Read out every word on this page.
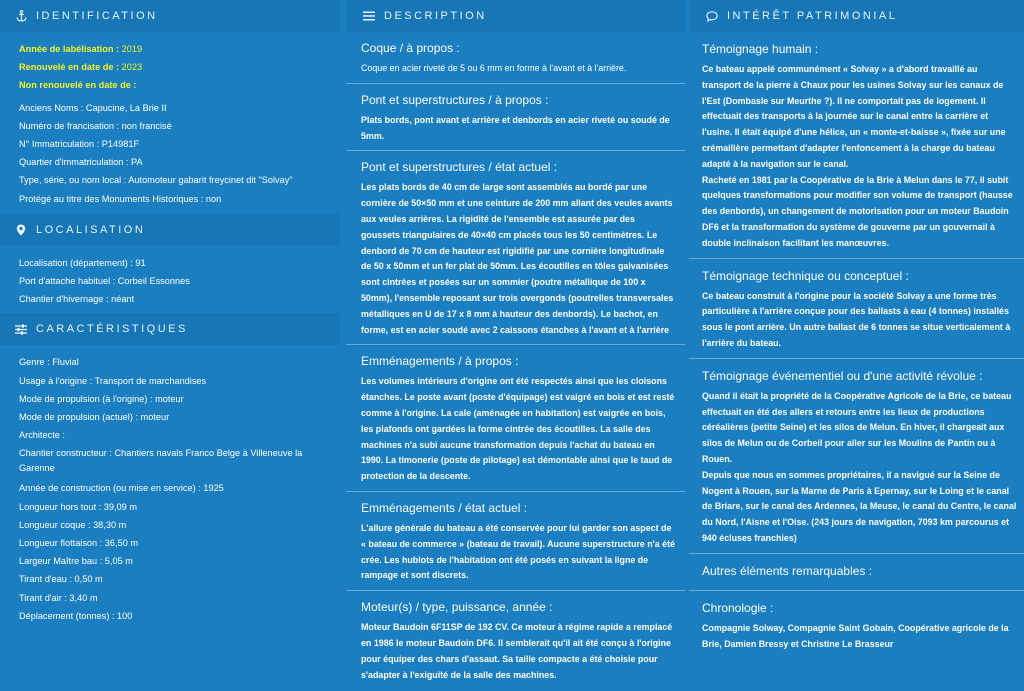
IDENTIFICATION
Année de labélisation : 2019
Renouvelé en date de : 2023
Non renouvelé en date de :
Anciens Noms : Capucine, La Brie II
Numéro de francisation : non francisé
N° Immatriculation : P14981F
Quartier d'immatriculation : PA
Type, série, ou nom local : Automoteur gabarit freycinet dit "Solvay"
Protégé au titre des Monuments Historiques : non
LOCALISATION
Localisation (département) : 91
Port d'attache habituel : Corbeil Essonnes
Chantier d'hivernage : néant
CARACTÉRISTIQUES
Genre : Fluvial
Usage à l'origine : Transport de marchandises
Mode de propulsion (à l'origine) : moteur
Mode de propulsion (actuel) : moteur
Architecte :
Chantier constructeur : Chantiers navals Franco Belge à Villeneuve la Garenne
Année de construction (ou mise en service) : 1925
Longueur hors tout : 39,09 m
Longueur coque : 38,30 m
Longueur flottaison : 36,50 m
Largeur Maître bau : 5,05 m
Tirant d'eau : 0,50 m
Tirant d'air : 3,40 m
Déplacement (tonnes) : 100
DESCRIPTION
Coque / à propos :

Coque en acier riveté de 5 ou 6 mm en forme à l'avant et à l'arrière.

Pont et superstructures / à propos :

Plats bords, pont avant et arrière et denbords en acier riveté ou soudé de 5mm.

Pont et superstructures / état actuel :

Les plats bords de 40 cm de large sont assemblés au bordé par une cornière de 50×50 mm et une ceinture de 200 mm allant des veules avants aux veules arrières. La rigidité de l'ensemble est assurée par des goussets triangulaires de 40×40 cm placés tous les 50 centimètres. Le denbord de 70 cm de hauteur est rigidifié par une cornière longitudinale de 50 x 50mm et un fer plat de 50mm. Les écoutilles en tôles galvanisées sont cintrées et posées sur un sommier (poutre métallique de 100 x 50mm), l'ensemble reposant sur trois overgonds (poutrelles transversales métalliques en U de 17 x 8 mm à hauteur des denbords). Le bachot, en forme, est en acier soudé avec 2 caissons étanches à l'avant et à l'arrière

Emménagements / à propos :

Les volumes intérieurs d'origine ont été respectés ainsi que les cloisons étanches. Le poste avant (poste d'équipage) est vaigré en bois et est resté comme à l'origine. La cale (aménagée en habitation) est vaigrée en bois, les plafonds ont gardées la forme cintrée des écoutilles. La salle des machines n'a subi aucune transformation depuis l'achat du bateau en 1990. La timonerie (poste de pilotage) est démontable ainsi que le taud de protection de la descente.

Emménagements / état actuel :

L'allure générale du bateau a été conservée pour lui garder son aspect de « bateau de commerce » (bateau de travail). Aucune superstructure n'a été crée. Les hublots de l'habitation ont été posés en suivant la ligne de rampage et sont discrets.

Moteur(s) / type, puissance, année :

Moteur Baudoin 6F11SP de 192 CV. Ce moteur à régime rapide a remplacé en 1986 le moteur Baudoin DF6. Il semblerait qu'il ait été conçu à l'origine pour équiper des chars d'assaut. Sa taille compacte a été choisie pour s'adapter à l'exiguïté de la salle des machines.

INTÉRÊT PATRIMONIAL
Témoignage humain :

Ce bateau appelé communément « Solvay » a d'abord travaillé au transport de la pierre à Chaux pour les usines Solvay sur les canaux de l'Est (Dombasle sur Meurthe ?). Il ne comportait pas de logement. Il effectuait des transports à la journée sur le canal entre la carrière et l'usine. Il était équipé d'une hélice, un « monte-et-baisse », fixée sur une crémaillère permettant d'adapter l'enfoncement à la charge du bateau adapté à la navigation sur le canal.
Racheté en 1981 par la Coopérative de la Brie à Melun dans le 77, il subit quelques transformations pour modifier son volume de transport (hausse des denbords), un changement de motorisation pour un moteur Baudoin DF6 et la transformation du système de gouverne par un gouvernail à double inclinaison facilitant les manœuvres.

Témoignage technique ou conceptuel :

Ce bateau construit à l'origine pour la société Solvay a une forme très particulière à l'arrière conçue pour des ballasts à eau (4 tonnes) installés sous le pont arrière. Un autre ballast de 6 tonnes se situe verticalement à l'arrière du bateau.

Témoignage événementiel ou d'une activité révolue :

Quand il était la propriété de la Coopérative Agricole de la Brie, ce bateau effectuait en été des allers et retours entre les lieux de productions céréalières (petite Seine) et les silos de Melun. En hiver, il chargeait aux silos de Melun ou de Corbeil pour aller sur les Moulins de Pantin ou à Rouen.
Depuis que nous en sommes propriétaires, il a navigué sur la Seine de Nogent à Rouen, sur la Marne de Paris à Epernay, sur le Loing et le canal de Briare, sur le canal des Ardennes, la Meuse, le canal du Centre, le canal du Nord, l'Aisne et l'Oise. (243 jours de navigation, 7093 km parcourus et 940 écluses franchies)

Autres éléments remarquables :
Chronologie :

Compagnie Solway, Compagnie Saint Gobain, Coopérative agricole de la Brie, Damien Bressy et Christine Le Brasseur
